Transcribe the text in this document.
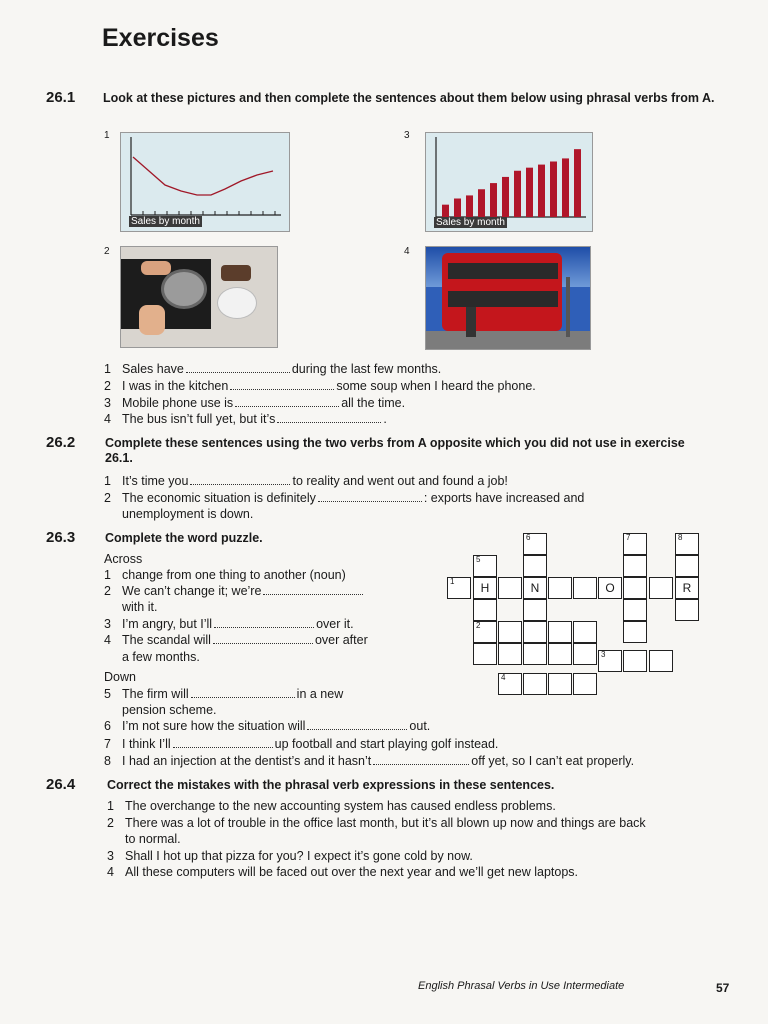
Exercises
26.1 Look at these pictures and then complete the sentences about them below using phrasal verbs from A.
1
Sales by month
3
Sales by month
2	4
1 Sales have	during the last few months.
2 I was in the kitchen	some soup when I heard the phone.
3 Mobile phone use is	all the time.
4 The bus isn’t full yet, but it’s	.
26.2 Complete these sentences using the two verbs from A opposite which you did not use in exercise 26.1.
1 It’s time you	to reality and went out and found a job!
2 The economic situation is definitely	: exports have increased and
unemployment is down.
26.3 Complete the word puzzle.
Across
1 change from one thing to another (noun)
2 We can’t change it; we’re
with it.
3 I’m angry, but I’ll	over it.
4 The scandal will	over after
a few months.
Down
5 The firm will	in a new
pension scheme.
6 I’m not sure how the situation will	out.
7 I think I’ll	up football and start playing golf instead.
8 I had an injection at the dentist’s and it hasn’t	off yet, so I can’t eat properly.
6
N
7	8
R
5
1	H	O
2
3
4
26.4	Correct the mistakes with the phrasal verb expressions in these sentences.
1 The overchange to the new accounting system has caused endless problems.
2 There was a lot of trouble in the office last month, but it’s all blown up now and things are back
to normal.
3 Shall I hot up that pizza for you? I expect it’s gone cold by now.
4 All these computers will be faced out over the next year and we’ll get new laptops.
English Phrasal Verbs in Use Intermediate	57
